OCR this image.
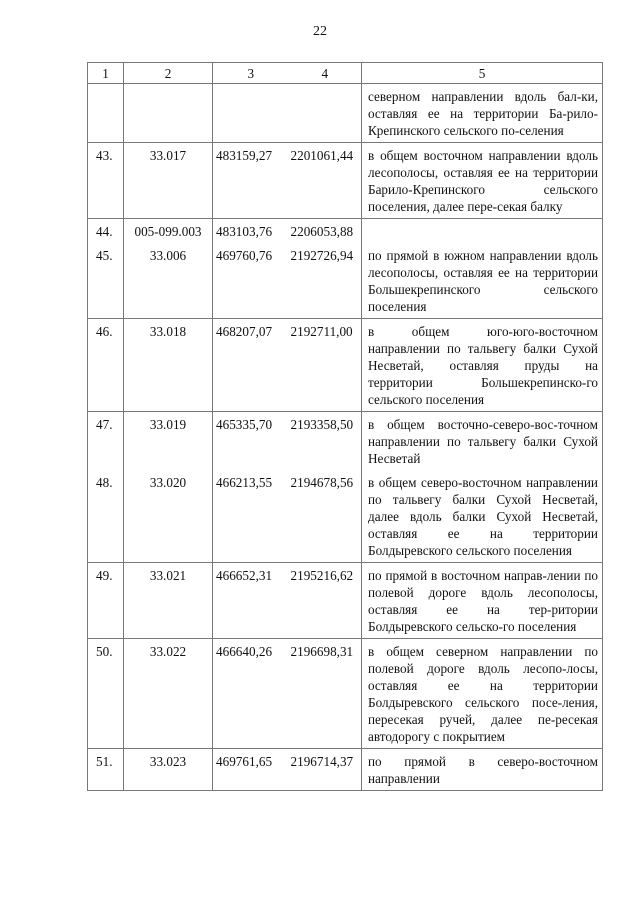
22
1	2	3	4	5
				северном направлении вдоль бал-ки, оставляя ее на территории Ба-рило-Крепинского сельского по-селения
43.	33.017	483159,27	2201061,44	в общем восточном направлении вдоль лесополосы, оставляя ее на территории Барило-Крепинского сельского поселения, далее пере-секая балку
44.	005-099.003	483103,76	2206053,88	
45.	33.006	469760,76	2192726,94	по прямой в южном направлении вдоль лесополосы, оставляя ее на территории Большекрепинского сельского поселения
46.	33.018	468207,07	2192711,00	в общем юго-юго-восточном направлении по тальвегу балки Сухой Несветай, оставляя пруды на территории Большекрепинско-го сельского поселения
47.	33.019	465335,70	2193358,50	в общем восточно-северо-вос-точном направлении по тальвегу балки Сухой Несветай
48.	33.020	466213,55	2194678,56	в общем северо-восточном направлении по тальвегу балки Сухой Несветай, далее вдоль балки Сухой Несветай, оставляя ее на территории Болдыревского сельского поселения
49.	33.021	466652,31	2195216,62	по прямой в восточном направ-лении по полевой дороге вдоль лесополосы, оставляя ее на тер-ритории Болдыревского сельско-го поселения
50.	33.022	466640,26	2196698,31	в общем северном направлении по полевой дороге вдоль лесопо-лосы, оставляя ее на территории Болдыревского сельского посе-ления, пересекая ручей, далее пе-ресекая автодорогу с покрытием
51.	33.023	469761,65	2196714,37	по прямой в северо-восточном направлении
